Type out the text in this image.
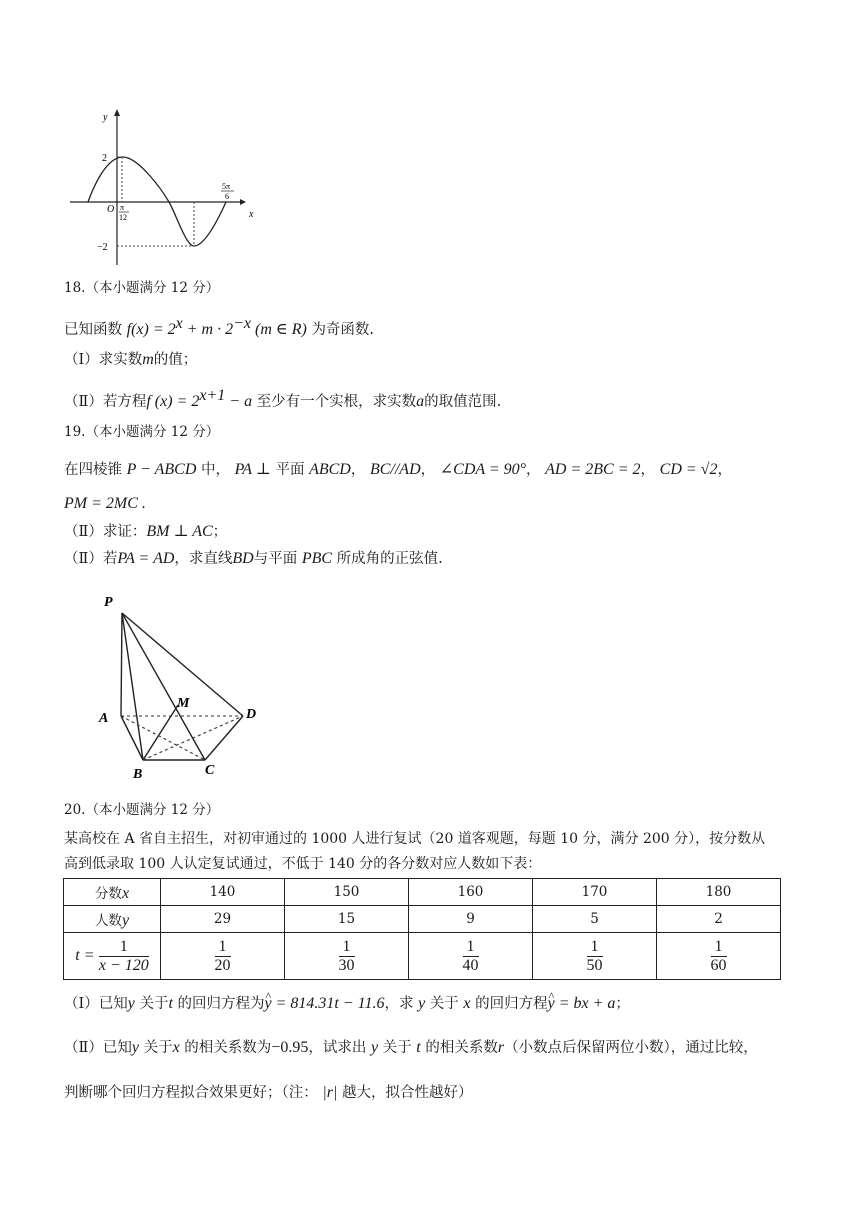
y
x
2
−2
O π
12
5π
6
18.（本小题满分 12 分）
已知函数 $f(x) = 2^x + m \cdot 2^{-x}$ (m ∈ R) 为奇函数.
（Ⅰ）求实数m的值；
（Ⅱ）若方程f $(x) = 2^{x+1} - a$ 至少有一个实根，求实数a的取值范围.
19.（本小题满分 12 分）
在四棱锥 P − ABCD 中， PA ⊥ 平面 ABCD， BC//AD， ∠CDA = 90°， AD = 2BC = 2， CD = √2，
PM = 2MC .
（Ⅱ）求证：BM ⊥ AC；
（Ⅱ）若PA = AD，求直线BD与平面 PBC 所成角的正弦值.
P
A
B	C
D
M
20.（本小题满分 12 分）
某高校在 A 省自主招生，对初审通过的 1000 人进行复试（20 道客观题，每题 10 分，满分 200 分），按分数从
高到低录取 100 人认定复试通过，不低于 140 分的各分数对应人数如下表：
分数x	140	150	160	170	180
人数y	29	15	9	5	2
$t = \frac{1}{x - 120}$	$\frac{1}{20}$	$\frac{1}{30}$	$\frac{1}{40}$	$\frac{1}{50}$	$\frac{1}{60}$
（Ⅰ）已知y 关于t 的回归方程为^ y = 814.31t − 11.6，求 y 关于 x 的回归方程^ y = bx + a；
（Ⅱ）已知y 关于x 的相关系数为−0.95，试求出 y 关于 t 的相关系数r（小数点后保留两位小数），通过比较，
判断哪个回归方程拟合效果更好；（注： |r| 越大，拟合性越好）
